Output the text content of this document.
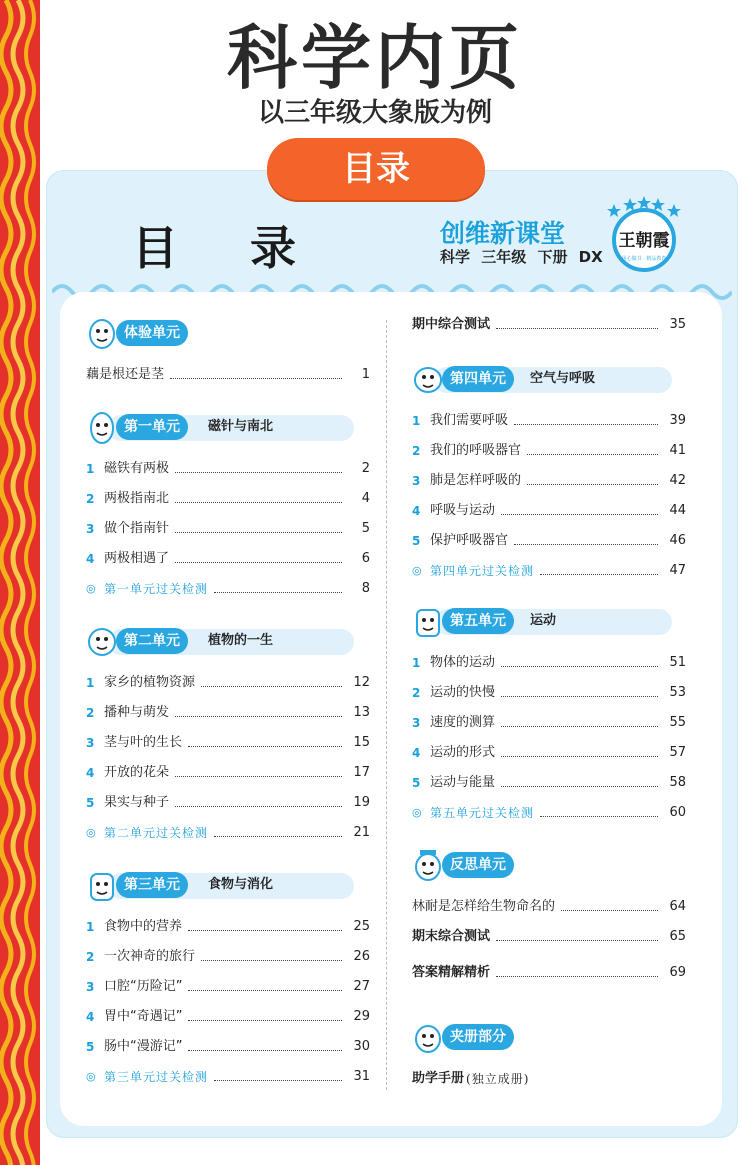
科学内页
以三年级大象版为例
目录
目 录	创维新课堂
科学 三年级 下册 DX
王朝霞
用心做书 · 精品教育
体验单元
藕是根还是茎	1
第一单元	磁针与南北
1 磁铁有两极	2
2 两极指南北	4
3 做个指南针	5
4 两极相遇了	6
◎ 第一单元过关检测	8
第二单元	植物的一生
1 家乡的植物资源	12
2 播种与萌发	13
3 茎与叶的生长	15
4 开放的花朵	17
5 果实与种子	19
◎ 第二单元过关检测	21
第三单元	食物与消化
1 食物中的营养	25
2 一次神奇的旅行	26
3 口腔“历险记”	27
4 胃中“奇遇记”	29
5 肠中“漫游记”	30
◎ 第三单元过关检测	31
期中综合测试	35
第四单元	空气与呼吸
1 我们需要呼吸	39
2 我们的呼吸器官	41
3 肺是怎样呼吸的	42
4 呼吸与运动	44
5 保护呼吸器官	46
◎ 第四单元过关检测	47
第五单元	运动
1 物体的运动	51
2 运动的快慢	53
3 速度的测算	55
4 运动的形式	57
5 运动与能量	58
◎ 第五单元过关检测	60
反思单元
林耐是怎样给生物命名的	64
期末综合测试	65
答案精解精析	69
夹册部分
助学手册 (独立成册)
